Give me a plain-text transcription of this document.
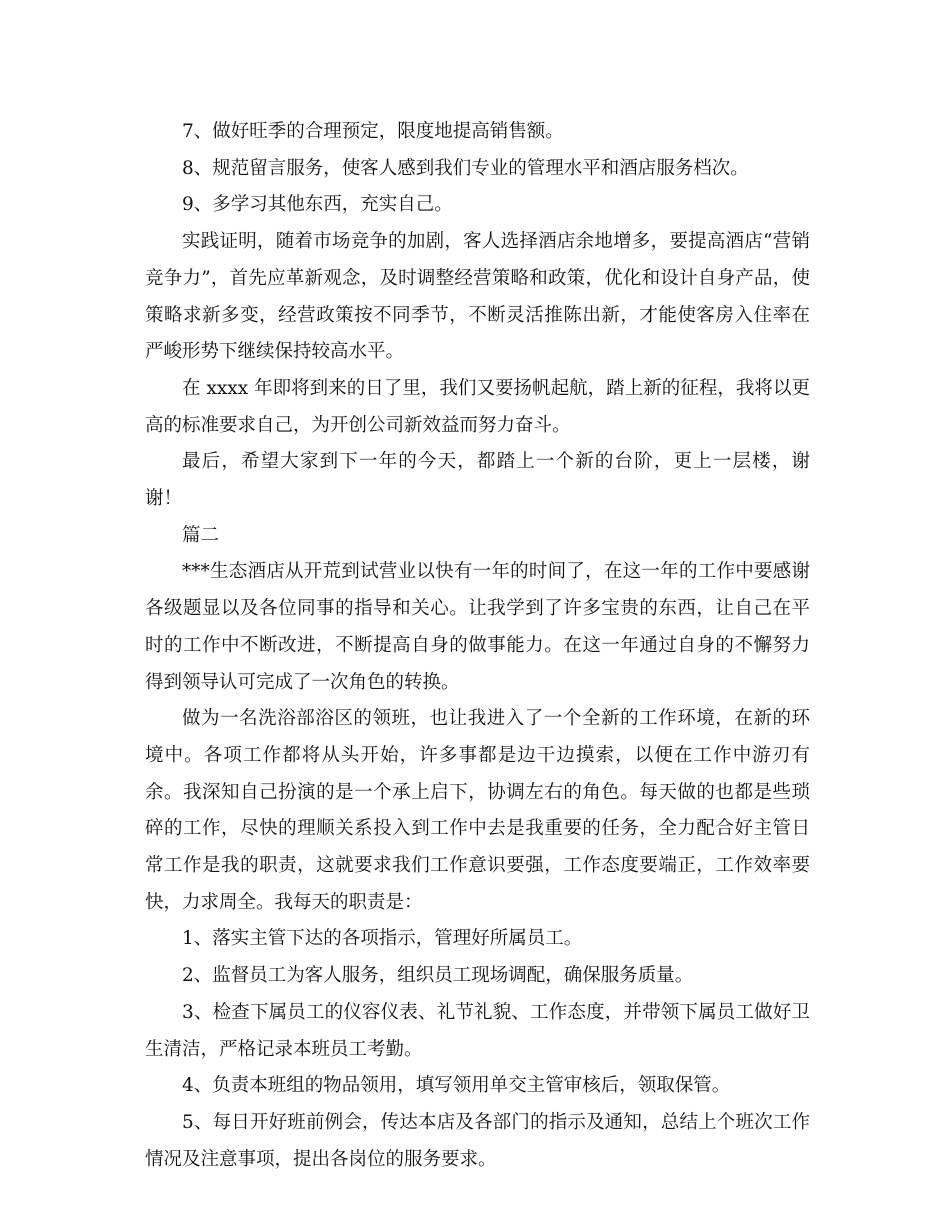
7、做好旺季的合理预定，限度地提高销售额。

8、规范留言服务，使客人感到我们专业的管理水平和酒店服务档次。

9、多学习其他东西，充实自己。

实践证明，随着市场竞争的加剧，客人选择酒店余地增多，要提高酒店“营销竞争力”，首先应革新观念，及时调整经营策略和政策，优化和设计自身产品，使策略求新多变，经营政策按不同季节，不断灵活推陈出新，才能使客房入住率在严峻形势下继续保持较高水平。

在 xxxx 年即将到来的日了里，我们又要扬帆起航，踏上新的征程，我将以更高的标准要求自己，为开创公司新效益而努力奋斗。

最后，希望大家到下一年的今天，都踏上一个新的台阶，更上一层楼，谢谢！

篇二

***生态酒店从开荒到试营业以快有一年的时间了，在这一年的工作中要感谢各级题显以及各位同事的指导和关心。让我学到了许多宝贵的东西，让自己在平时的工作中不断改进，不断提高自身的做事能力。在这一年通过自身的不懈努力得到领导认可完成了一次角色的转换。

做为一名洗浴部浴区的领班，也让我进入了一个全新的工作环境，在新的环境中。各项工作都将从头开始，许多事都是边干边摸索，以便在工作中游刃有余。我深知自己扮演的是一个承上启下，协调左右的角色。每天做的也都是些琐碎的工作，尽快的理顺关系投入到工作中去是我重要的任务，全力配合好主管日常工作是我的职责，这就要求我们工作意识要强，工作态度要端正，工作效率要快，力求周全。我每天的职责是：

1、落实主管下达的各项指示，管理好所属员工。

2、监督员工为客人服务，组织员工现场调配，确保服务质量。

3、检查下属员工的仪容仪表、礼节礼貌、工作态度，并带领下属员工做好卫生清洁，严格记录本班员工考勤。

4、负责本班组的物品领用，填写领用单交主管审核后，领取保管。

5、每日开好班前例会，传达本店及各部门的指示及通知，总结上个班次工作情况及注意事项，提出各岗位的服务要求。
